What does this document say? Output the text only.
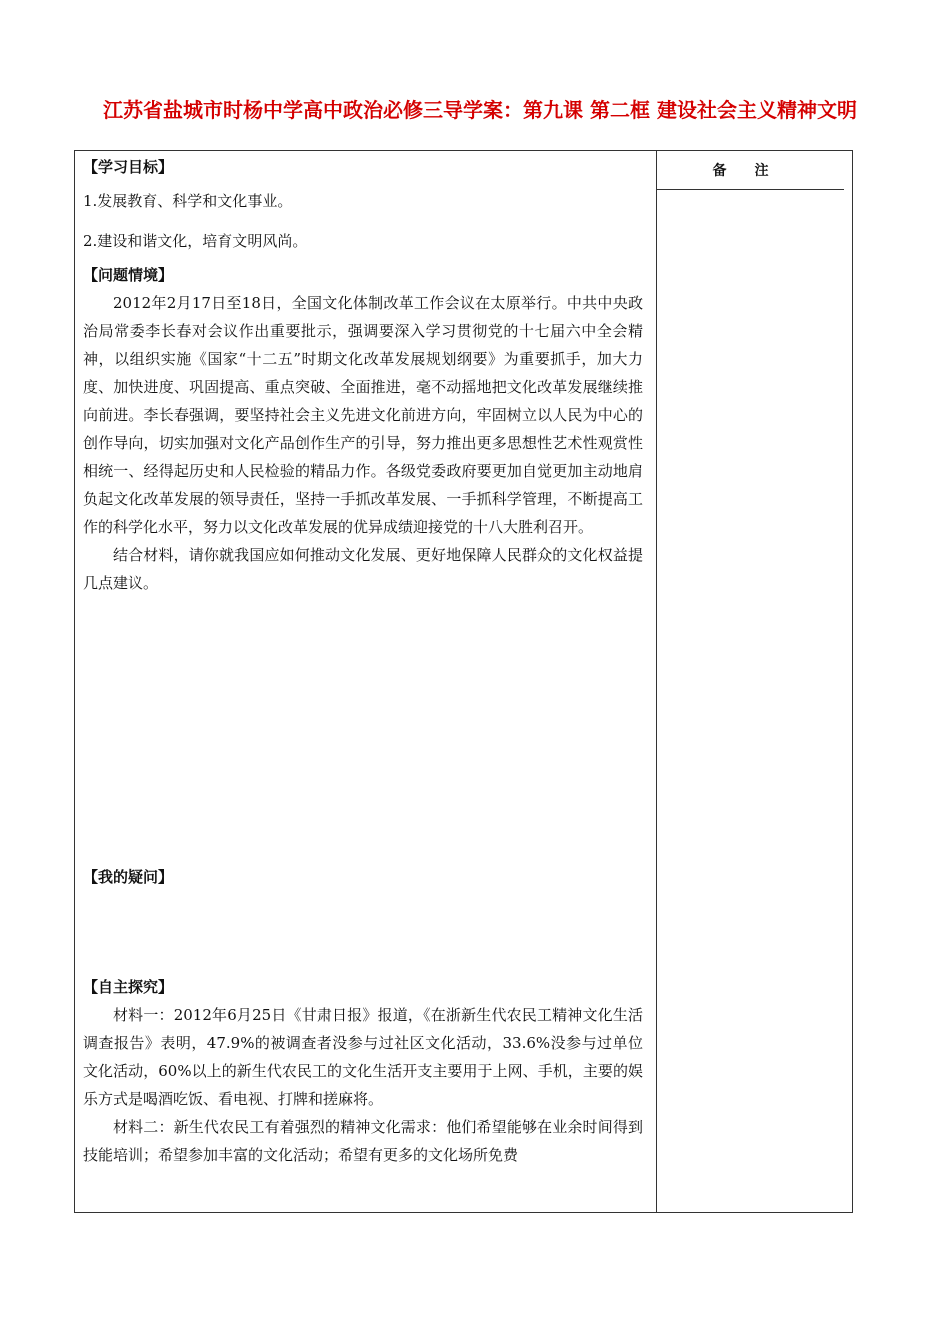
江苏省盐城市时杨中学高中政治必修三导学案：第九课 第二框 建设社会主义精神文明
备注
【学习目标】
1.发展教育、科学和文化事业。
2.建设和谐文化，培育文明风尚。
【问题情境】
2012年2月17日至18日，全国文化体制改革工作会议在太原举行。中共中央政治局常委李长春对会议作出重要批示，强调要深入学习贯彻党的十七届六中全会精神，以组织实施《国家“十二五”时期文化改革发展规划纲要》为重要抓手，加大力度、加快进度、巩固提高、重点突破、全面推进，毫不动摇地把文化改革发展继续推向前进。李长春强调，要坚持社会主义先进文化前进方向，牢固树立以人民为中心的创作导向，切实加强对文化产品创作生产的引导，努力推出更多思想性艺术性观赏性相统一、经得起历史和人民检验的精品力作。各级党委政府要更加自觉更加主动地肩负起文化改革发展的领导责任，坚持一手抓改革发展、一手抓科学管理，不断提高工作的科学化水平，努力以文化改革发展的优异成绩迎接党的十八大胜利召开。
结合材料，请你就我国应如何推动文化发展、更好地保障人民群众的文化权益提几点建议。
【我的疑问】
【自主探究】
材料一：2012年6月25日《甘肃日报》报道，《在浙新生代农民工精神文化生活调查报告》表明，47.9%的被调查者没参与过社区文化活动，33.6%没参与过单位文化活动，60%以上的新生代农民工的文化生活开支主要用于上网、手机，主要的娱乐方式是喝酒吃饭、看电视、打牌和搓麻将。
材料二：新生代农民工有着强烈的精神文化需求：他们希望能够在业余时间得到技能培训；希望参加丰富的文化活动；希望有更多的文化场所免费
